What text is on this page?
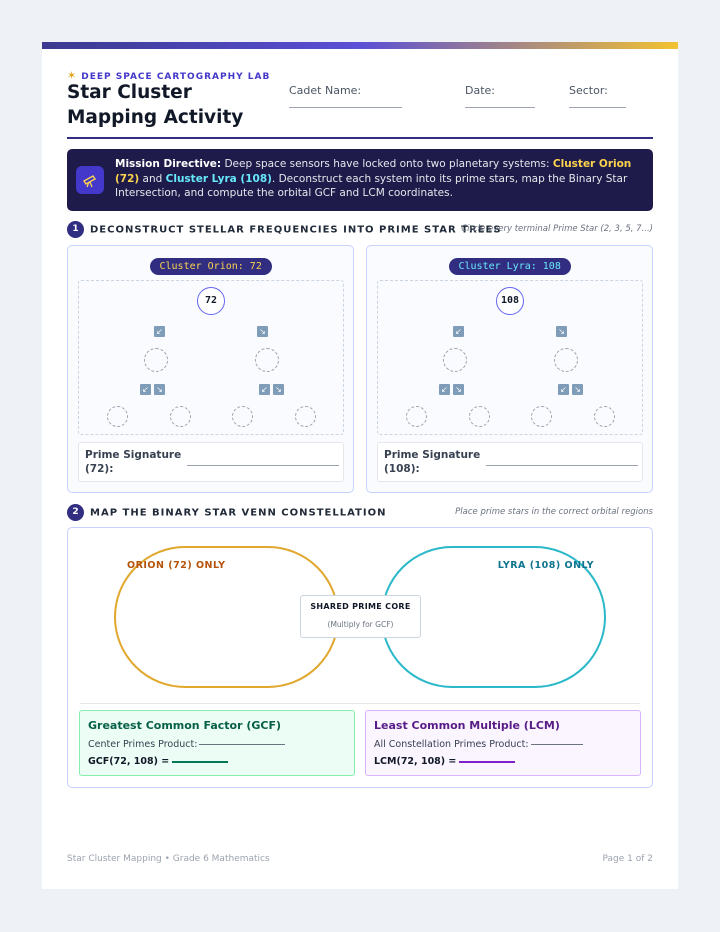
✶ DEEP SPACE CARTOGRAPHY LAB
Star Cluster Mapping Activity
Cadet Name:	Date:	Sector:
Mission Directive: Deep space sensors have locked onto two planetary systems: Cluster Orion (72) and Cluster Lyra (108). Deconstruct each system into its prime stars, map the Binary Star Intersection, and compute the orbital GCF and LCM coordinates.
1 DECONSTRUCT STELLAR FREQUENCIES INTO PRIME STAR TREES
Circle every terminal Prime Star (2, 3, 5, 7...)
Cluster Orion: 72
72
↙	↘
↙ ↘	↙ ↘
Prime Signature (72):
Cluster Lyra: 108
108
↙	↘
↙ ↘	↙ ↘
Prime Signature (108):
2 MAP THE BINARY STAR VENN CONSTELLATION	Place prime stars in the correct orbital regions
ORION (72) ONLY	LYRA (108) ONLY
SHARED PRIME CORE
(Multiply for GCF)
Greatest Common Factor (GCF)
Center Primes Product:
GCF(72, 108) =
Least Common Multiple (LCM)
All Constellation Primes Product:
LCM(72, 108) =
Star Cluster Mapping • Grade 6 Mathematics	Page 1 of 2
